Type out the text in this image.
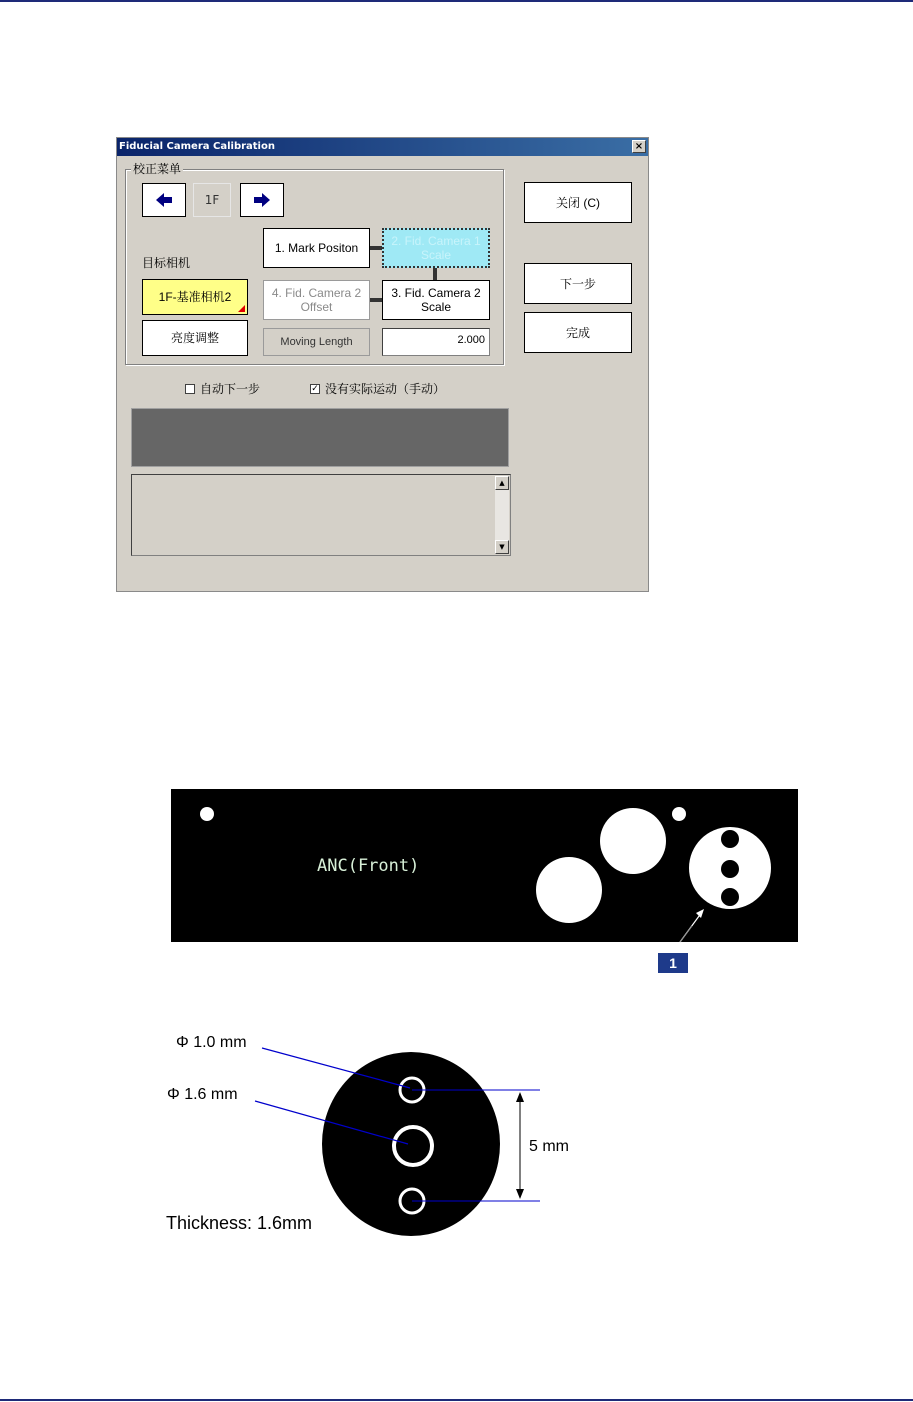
Fiducial Camera Calibration	×
校正菜单
1F
目标相机
1F-基准相机2
亮度调整
1. Mark Positon	2. Fid. Camera 1
Scale
4. Fid. Camera 2
Offset
3. Fid. Camera 2
Scale
Moving Length	2.000
关闭 (C)
下一步
完成
自动下一步	✓ 没有实际运动（手动）
▲
▼
ANC(Front)
1
Φ 1.0 mm
Φ 1.6 mm
5 mm
Thickness: 1.6mm
